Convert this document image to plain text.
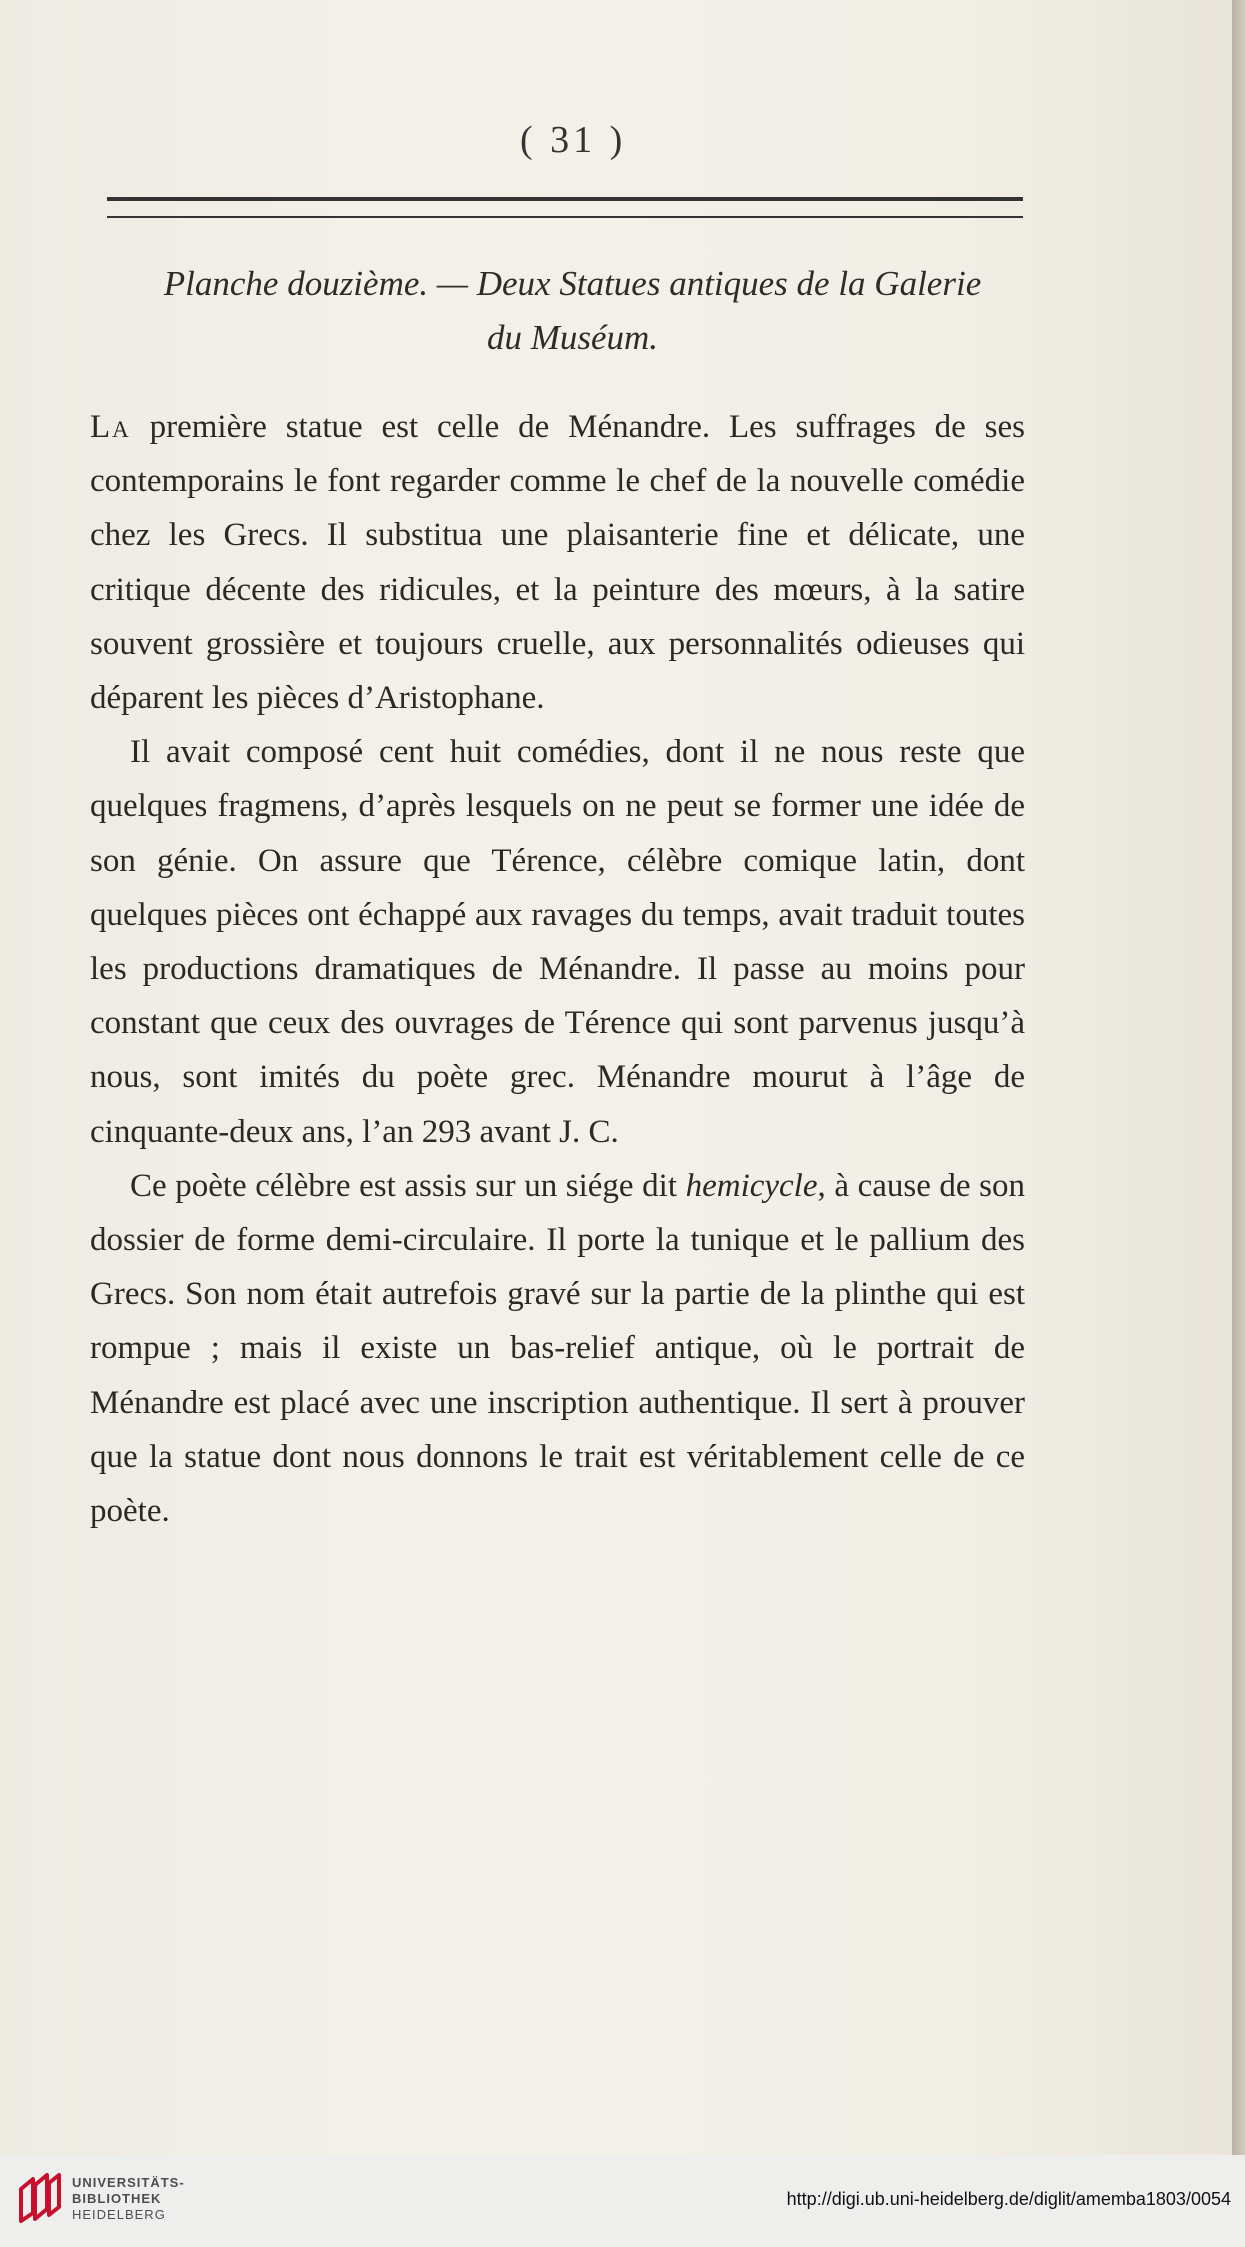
( 31 )
Planche douzième. — Deux Statues antiques de la Galerie
du Muséum.

La première statue est celle de Ménandre. Les suffrages de ses contemporains le font regarder comme le chef de la nouvelle comédie chez les Grecs. Il substitua une plaisanterie fine et délicate, une critique décente des ridicules, et la peinture des mœurs, à la satire souvent grossière et toujours cruelle, aux personnalités odieuses qui déparent les pièces d’Aristophane.

Il avait composé cent huit comédies, dont il ne nous reste que quelques fragmens, d’après lesquels on ne peut se former une idée de son génie. On assure que Térence, célèbre comique latin, dont quelques pièces ont échappé aux ravages du temps, avait traduit toutes les productions dramatiques de Ménandre. Il passe au moins pour constant que ceux des ouvrages de Térence qui sont parvenus jusqu’à nous, sont imités du poète grec. Ménandre mourut à l’âge de cinquante-deux ans, l’an 293 avant J. C.

Ce poète célèbre est assis sur un siége dit hemicycle, à cause de son dossier de forme demi-circulaire. Il porte la tunique et le pallium des Grecs. Son nom était autrefois gravé sur la partie de la plinthe qui est rompue ; mais il existe un bas-relief antique, où le portrait de Ménandre est placé avec une inscription authentique. Il sert à prouver que la statue dont nous donnons le trait est véritablement celle de ce poète.

UNIVERSITÄTS-
BIBLIOTHEK
HEIDELBERG
http://digi.ub.uni-heidelberg.de/diglit/amemba1803/0054
